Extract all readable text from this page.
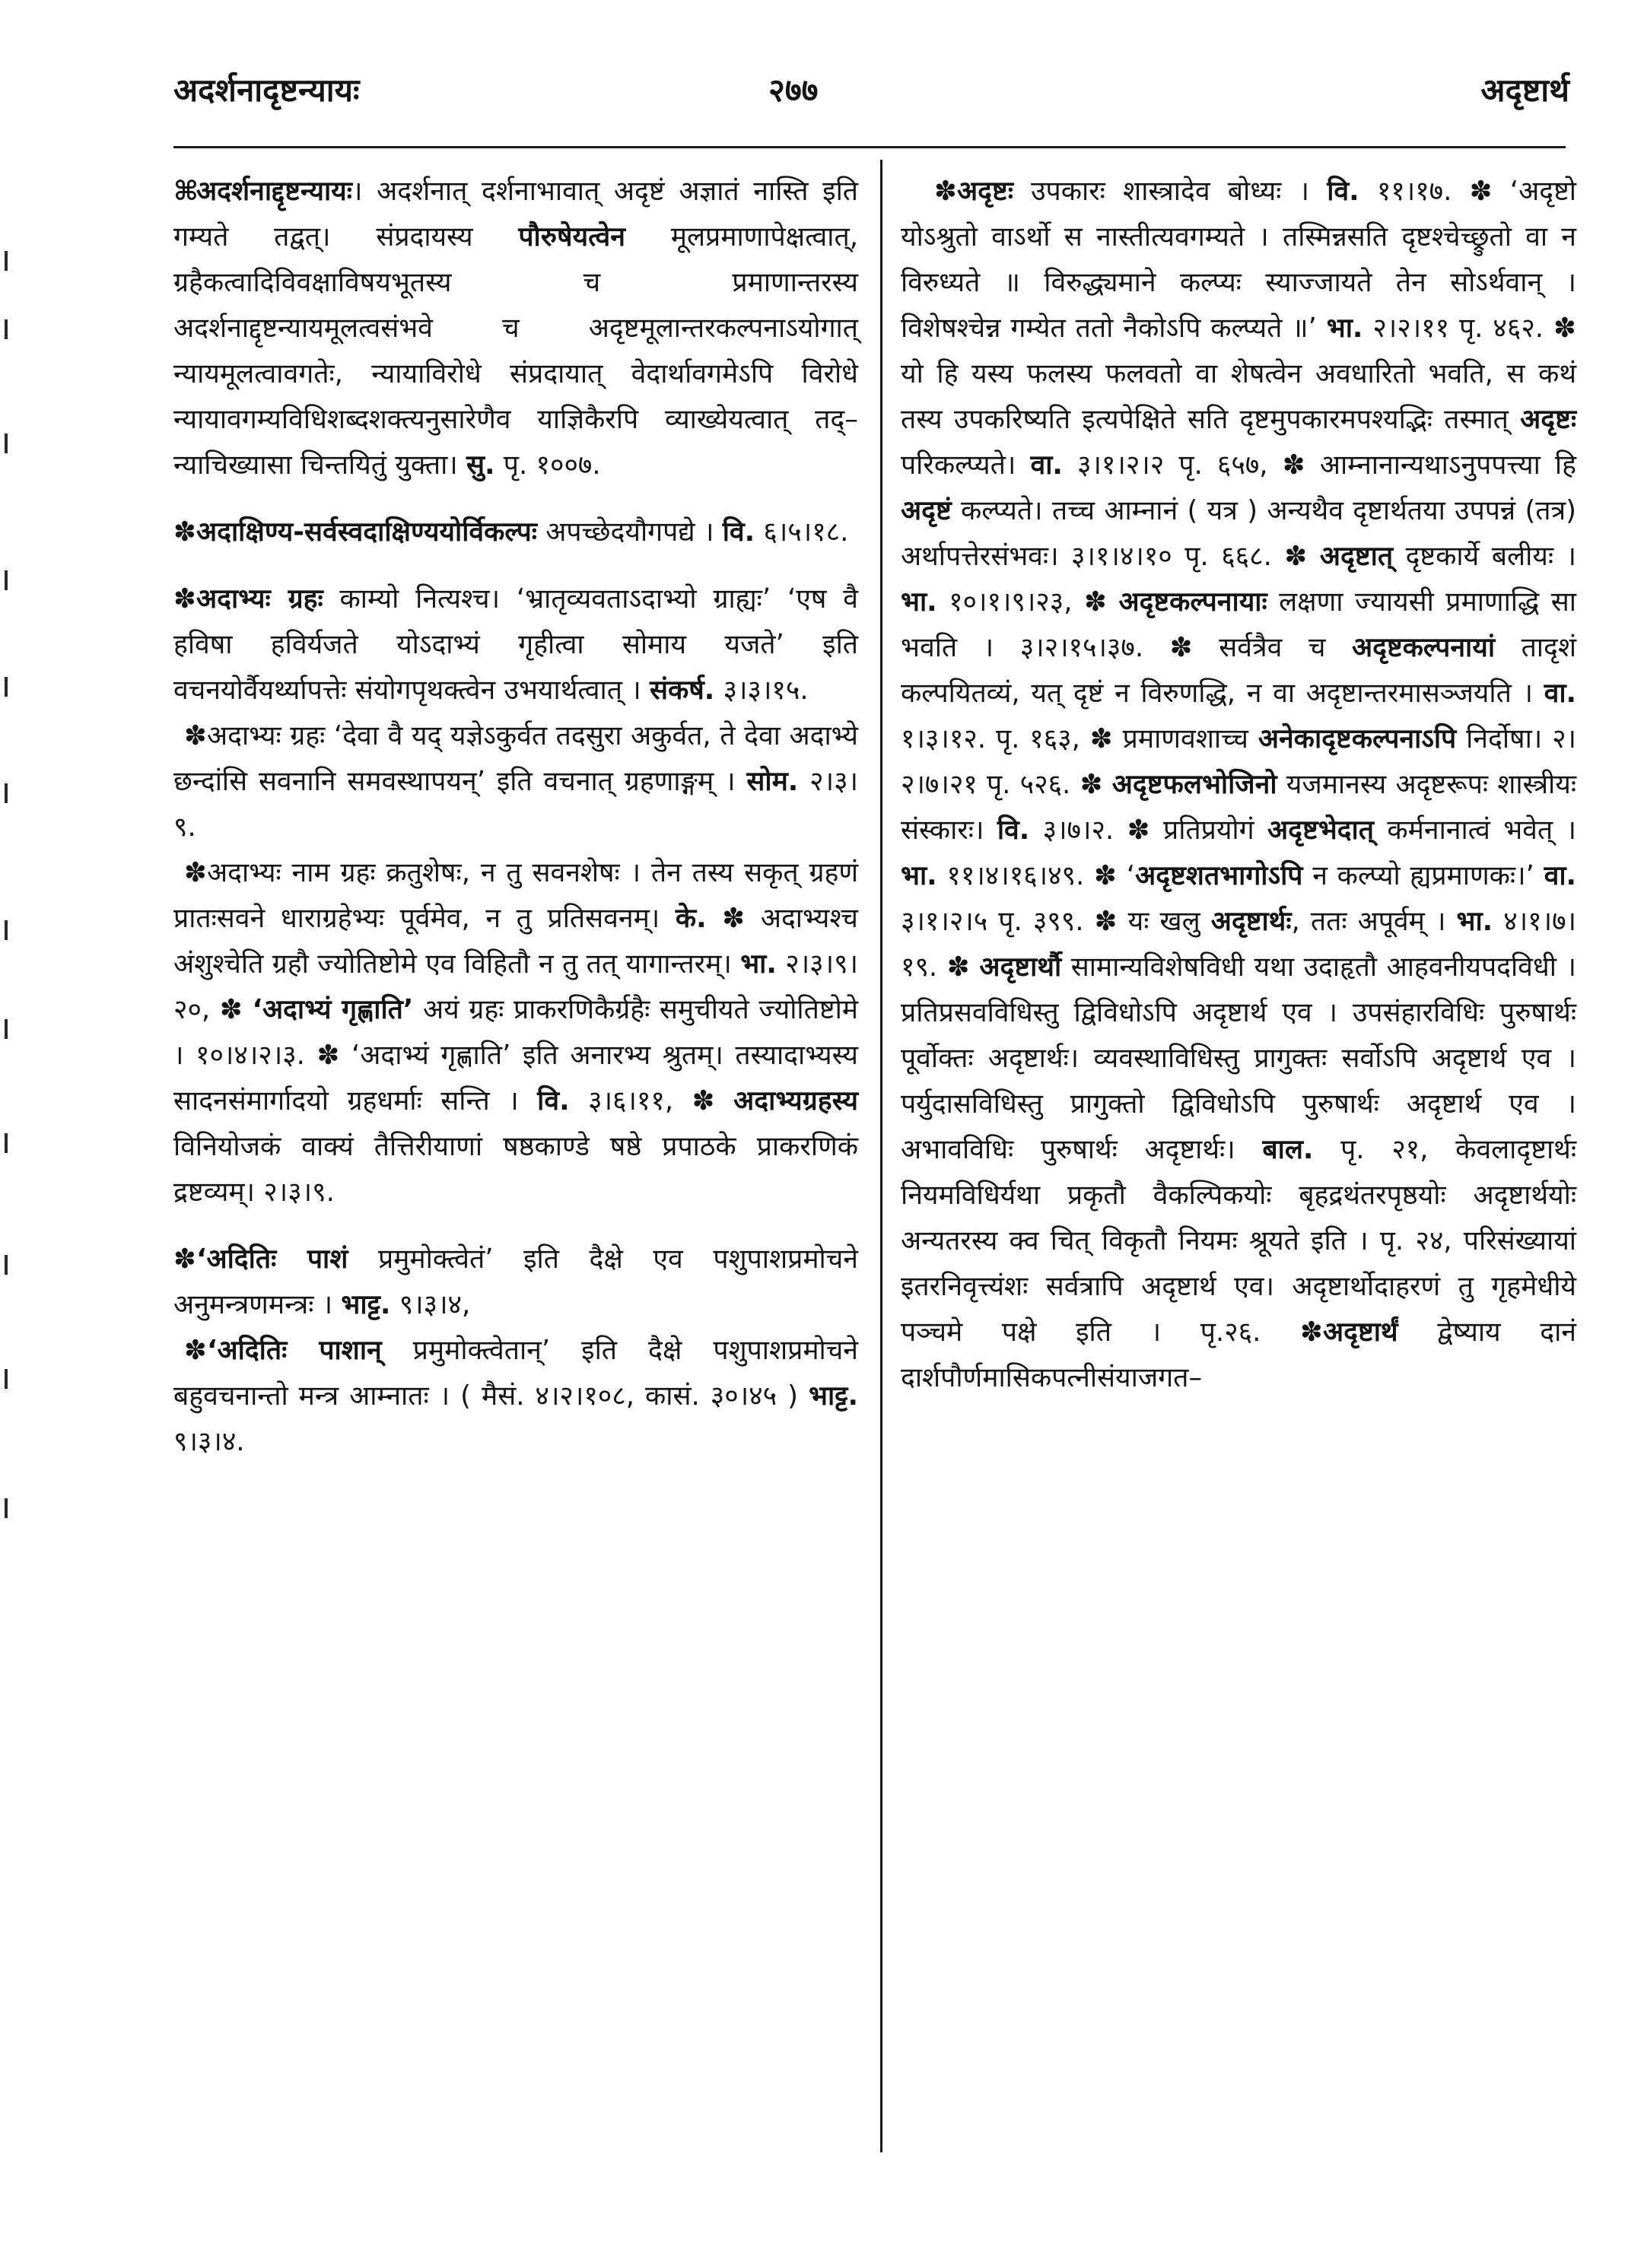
अदर्शनादृष्टन्यायः	२७७	अदृष्टार्थ

⌘अदर्शनाद्दृष्टन्यायः। अदर्शनात् दर्शनाभावात् अदृष्टं अज्ञातं नास्ति इति गम्यते तद्वत्। संप्रदायस्य पौरुषेयत्वेन मूलप्रमाणापेक्षत्वात्, ग्रहैकत्वादिविवक्षाविषयभूतस्य च प्रमाणान्तरस्य अदर्शनाद्दृष्टन्यायमूलत्वसंभवे च अदृष्टमूलान्तरकल्पनाऽयोगात् न्यायमूलत्वावगतेः, न्यायाविरोधे संप्रदायात् वेदार्थावगमेऽपि विरोधे न्यायावगम्यविधिशब्दशक्त्यनुसारेणैव याज्ञिकैरपि व्याख्येयत्वात् तद्–न्याचिख्यासा चिन्तयितुं युक्ता। सु. पृ. १००७.

✽अदाक्षिण्य-सर्वस्वदाक्षिण्ययोर्विकल्पः अपच्छेदयौगपद्ये । वि. ६।५।१८.

✽अदाभ्यः ग्रहः काम्यो नित्यश्च। ‘भ्रातृव्यवताऽदाभ्यो ग्राह्यः’ ‘एष वै हविषा हविर्यजते योऽदाभ्यं गृहीत्वा सोमाय यजते’ इति वचनयोर्वैयर्थ्यापत्तेः संयोगपृथक्त्वेन उभयार्थत्वात् । संकर्ष. ३।३।१५.

✽अदाभ्यः ग्रहः ‘देवा वै यद् यज्ञेऽकुर्वत तदसुरा अकुर्वत, ते देवा अदाभ्ये छन्दांसि सवनानि समवस्थापयन्’ इति वचनात् ग्रहणाङ्गम् । सोम. २।३।९.

✽अदाभ्यः नाम ग्रहः क्रतुशेषः, न तु सवनशेषः । तेन तस्य सकृत् ग्रहणं प्रातःसवने धाराग्रहेभ्यः पूर्वमेव, न तु प्रतिसवनम्। के. ✽ अदाभ्यश्च अंशुश्चेति ग्रहौ ज्योतिष्टोमे एव विहितौ न तु तत् यागान्तरम्। भा. २।३।९।२०, ✽ ‘अदाभ्यं गृह्णाति’ अयं ग्रहः प्राकरणिकैर्ग्रहैः समुचीयते ज्योतिष्टोमे । १०।४।२।३. ✽ ‘अदाभ्यं गृह्णाति’ इति अनारभ्य श्रुतम्। तस्यादाभ्यस्य सादनसंमार्गादयो ग्रहधर्माः सन्ति । वि. ३।६।११, ✽ अदाभ्यग्रहस्य विनियोजकं वाक्यं तैत्तिरीयाणां षष्ठकाण्डे षष्ठे प्रपाठके प्राकरणिकं द्रष्टव्यम्। २।३।९.

✽‘अदितिः पाशं प्रमुमोक्त्वेतं’ इति दैक्षे एव पशुपाशप्रमोचने अनुमन्त्रणमन्त्रः । भाट्ट. ९।३।४,

✽‘अदितिः पाशान् प्रमुमोक्त्वेतान्’ इति दैक्षे पशुपाशप्रमोचने बहुवचनान्तो मन्त्र आम्नातः । ( मैसं. ४।२।१०८, कासं. ३०।४५ ) भाट्ट. ९।३।४.

✽अदृष्टः उपकारः शास्त्रादेव बोध्यः । वि. ११।१७. ✽ ‘अदृष्टो योऽश्रुतो वाऽर्थो स नास्तीत्यवगम्यते । तस्मिन्नसति दृष्टश्चेच्छ्रुतो वा न विरुध्यते ॥ विरुद्ध्यमाने कल्प्यः स्याज्जायते तेन सोऽर्थवान् । विशेषश्चेन्न गम्येत ततो नैकोऽपि कल्प्यते ॥’ भा. २।२।११ पृ. ४६२. ✽ यो हि यस्य फलस्य फलवतो वा शेषत्वेन अवधारितो भवति, स कथं तस्य उपकरिष्यति इत्यपेक्षिते सति दृष्टमुपकारमपश्यद्भिः तस्मात् अदृष्टः परिकल्प्यते। वा. ३।१।२।२ पृ. ६५७, ✽ आम्नानान्यथाऽनुपपत्त्या हि अदृष्टं कल्प्यते। तच्च आम्नानं ( यत्र ) अन्यथैव दृष्टार्थतया उपपन्नं (तत्र) अर्थापत्तेरसंभवः। ३।१।४।१० पृ. ६६८. ✽ अदृष्टात् दृष्टकार्ये बलीयः । भा. १०।१।९।२३, ✽ अदृष्टकल्पनायाः लक्षणा ज्यायसी प्रमाणाद्धि सा भवति । ३।२।१५।३७. ✽ सर्वत्रैव च अदृष्टकल्पनायां तादृशं कल्पयितव्यं, यत् दृष्टं न विरुणद्धि, न वा अदृष्टान्तरमासञ्जयति । वा. १।३।१२. पृ. १६३, ✽ प्रमाणवशाच्च अनेकादृष्टकल्पनाऽपि निर्दोषा। २।२।७।२१ पृ. ५२६. ✽ अदृष्टफलभोजिनो यजमानस्य अदृष्टरूपः शास्त्रीयः संस्कारः। वि. ३।७।२. ✽ प्रतिप्रयोगं अदृष्टभेदात् कर्मनानात्वं भवेत् । भा. ११।४।१६।४९. ✽ ‘अदृष्टशतभागोऽपि न कल्प्यो ह्यप्रमाणकः।’ वा. ३।१।२।५ पृ. ३९९. ✽ यः खलु अदृष्टार्थः, ततः अपूर्वम् । भा. ४।१।७।१९. ✽ अदृष्टार्थौ सामान्यविशेषविधी यथा उदाहृतौ आहवनीयपदविधी । प्रतिप्रसवविधिस्तु द्विविधोऽपि अदृष्टार्थ एव । उपसंहारविधिः पुरुषार्थः पूर्वोक्तः अदृष्टार्थः। व्यवस्थाविधिस्तु प्रागुक्तः सर्वोऽपि अदृष्टार्थ एव । पर्युदासविधिस्तु प्रागुक्तो द्विविधोऽपि पुरुषार्थः अदृष्टार्थ एव । अभावविधिः पुरुषार्थः अदृष्टार्थः। बाल. पृ. २१, केवलादृष्टार्थः नियमविधिर्यथा प्रकृतौ वैकल्पिकयोः बृहद्रथंतरपृष्ठयोः अदृष्टार्थयोः अन्यतरस्य क्व चित् विकृतौ नियमः श्रूयते इति । पृ. २४, परिसंख्यायां इतरनिवृत्त्यंशः सर्वत्रापि अदृष्टार्थ एव। अदृष्टार्थोदाहरणं तु गृहमेधीये पञ्चमे पक्षे इति । पृ.२६. ✽अदृष्टार्थं द्वेष्याय दानं दार्शपौर्णमासिकपत्नीसंयाजगत–
